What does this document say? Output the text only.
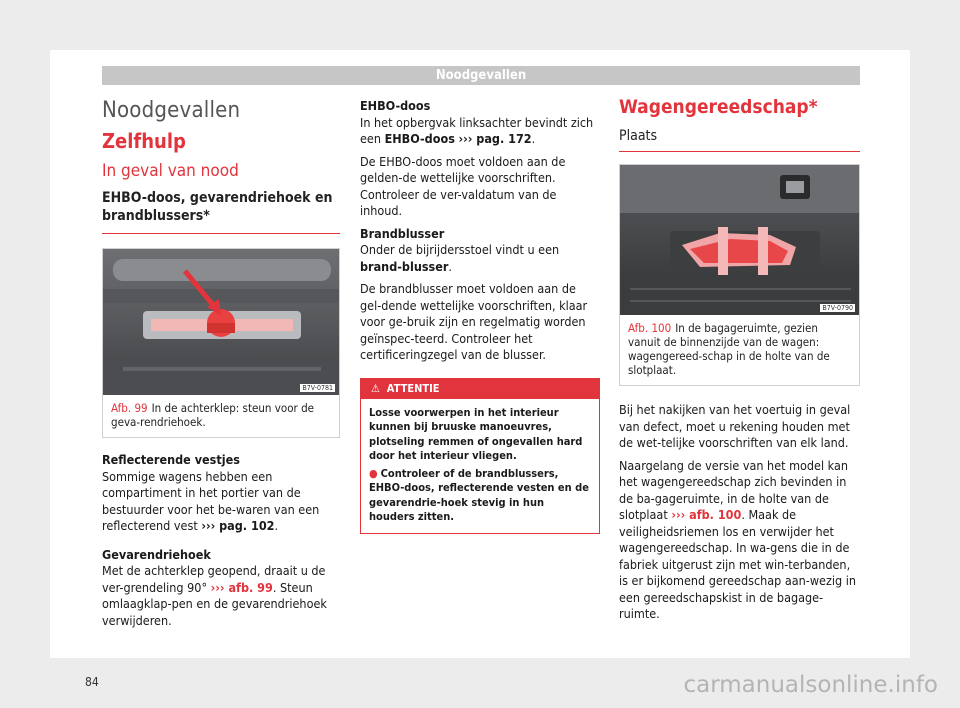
Noodgevallen
Noodgevallen
Zelfhulp
In geval van nood
EHBO-doos, gevarendriehoek en brandblussers*
B7V-0781
Afb. 99 In de achterklep: steun voor de geva-rendriehoek.

Reflecterende vestjes

Sommige wagens hebben een compartiment in het portier van de bestuurder voor het be-waren van een reflecterend vest ››› pag. 102.

Gevarendriehoek

Met de achterklep geopend, draait u de ver-grendeling 90° ››› afb. 99. Steun omlaagklap-pen en de gevarendriehoek verwijderen.

EHBO-doos

In het opbergvak linksachter bevindt zich een EHBO-doos ››› pag. 172.

De EHBO-doos moet voldoen aan de gelden-de wettelijke voorschriften. Controleer de ver-valdatum van de inhoud.

Brandblusser

Onder de bijrijdersstoel vindt u een brand-blusser.

De brandblusser moet voldoen aan de gel-dende wettelijke voorschriften, klaar voor ge-bruik zijn en regelmatig worden geïnspec-teerd. Controleer het certificeringzegel van de blusser.

⚠  ATTENTIE
Losse voorwerpen in het interieur kunnen bij bruuske manoeuvres, plotseling remmen of ongevallen hard door het interieur vliegen.
● Controleer of de brandblussers, EHBO-doos, reflecterende vesten en de gevarendrie-hoek stevig in hun houders zitten.
Wagengereedschap*
Plaats
B7V-0790
Afb. 100 In de bagageruimte, gezien vanuit de binnenzijde van de wagen: wagengereed-schap in de holte van de slotplaat.

Bij het nakijken van het voertuig in geval van defect, moet u rekening houden met de wet-telijke voorschriften van elk land.

Naargelang de versie van het model kan het wagengereedschap zich bevinden in de ba-gageruimte, in de holte van de slotplaat ››› afb. 100. Maak de veiligheidsriemen los en verwijder het wagengereedschap. In wa-gens die in de fabriek uitgerust zijn met win-terbanden, is er bijkomend gereedschap aan-wezig in een gereedschapskist in de bagage-ruimte.

84	carmanualsonline.info
